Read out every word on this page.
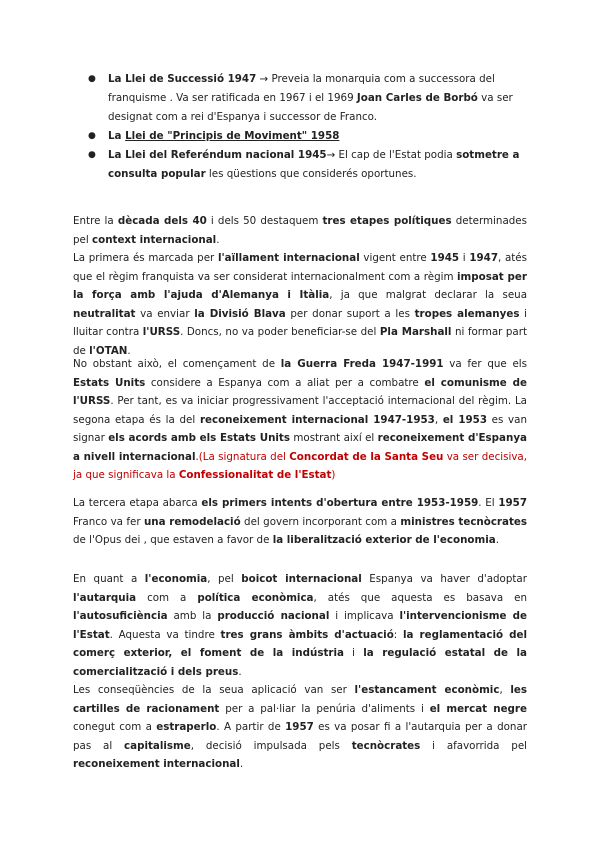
● La Llei de Successió 1947 → Preveia la monarquia com a successora del franquisme . Va ser ratificada en 1967 i el 1969 Joan Carles de Borbó va ser designat com a rei d'Espanya i successor de Franco.
● La Llei de "Principis de Moviment" 1958
● La Llei del Referéndum nacional 1945→ El cap de l'Estat podia sotmetre a consulta popular les qüestions que considerés oportunes.

Entre la dècada dels 40 i dels 50 destaquem tres etapes polítiques determinades pel context internacional.

La primera és marcada per l'aïllament internacional vigent entre 1945 i 1947, atés que el règim franquista va ser considerat internacionalment com a règim imposat per la força amb l'ajuda d'Alemanya i Itàlia, ja que malgrat declarar la seua neutralitat va enviar la Divisió Blava per donar suport a les tropes alemanyes i lluitar contra l'URSS. Doncs, no va poder beneficiar-se del Pla Marshall ni formar part de l'OTAN.

No obstant això, el començament de la Guerra Freda 1947-1991 va fer que els Estats Units considere a Espanya com a aliat per a combatre el comunisme de l'URSS. Per tant, es va iniciar progressivament l'acceptació internacional del règim. La segona etapa és la del reconeixement internacional 1947-1953, el 1953 es van signar els acords amb els Estats Units mostrant així el reconeixement d'Espanya a nivell internacional.(La signatura del Concordat de la Santa Seu va ser decisiva, ja que significava la Confessionalitat de l'Estat)

La tercera etapa abarca els primers intents d'obertura entre 1953-1959. El 1957 Franco va fer una remodelació del govern incorporant com a ministres tecnòcrates de l'Opus dei , que estaven a favor de la liberalització exterior de l'economia.

En quant a l'economia, pel boicot internacional Espanya va haver d'adoptar l'autarquia com a política econòmica, atés que aquesta es basava en l'autosuficiència amb la producció nacional i implicava l'intervencionisme de l'Estat. Aquesta va tindre tres grans àmbits d'actuació: la reglamentació del comerç exterior, el foment de la indústria i la regulació estatal de la comercialització i dels preus.

Les conseqüències de la seua aplicació van ser l'estancament econòmic, les cartilles de racionament per a pal·liar la penúria d'aliments i el mercat negre conegut com a estraperlo. A partir de 1957 es va posar fi a l'autarquia per a donar pas al capitalisme, decisió impulsada pels tecnòcrates i afavorrida pel reconeixement internacional.
